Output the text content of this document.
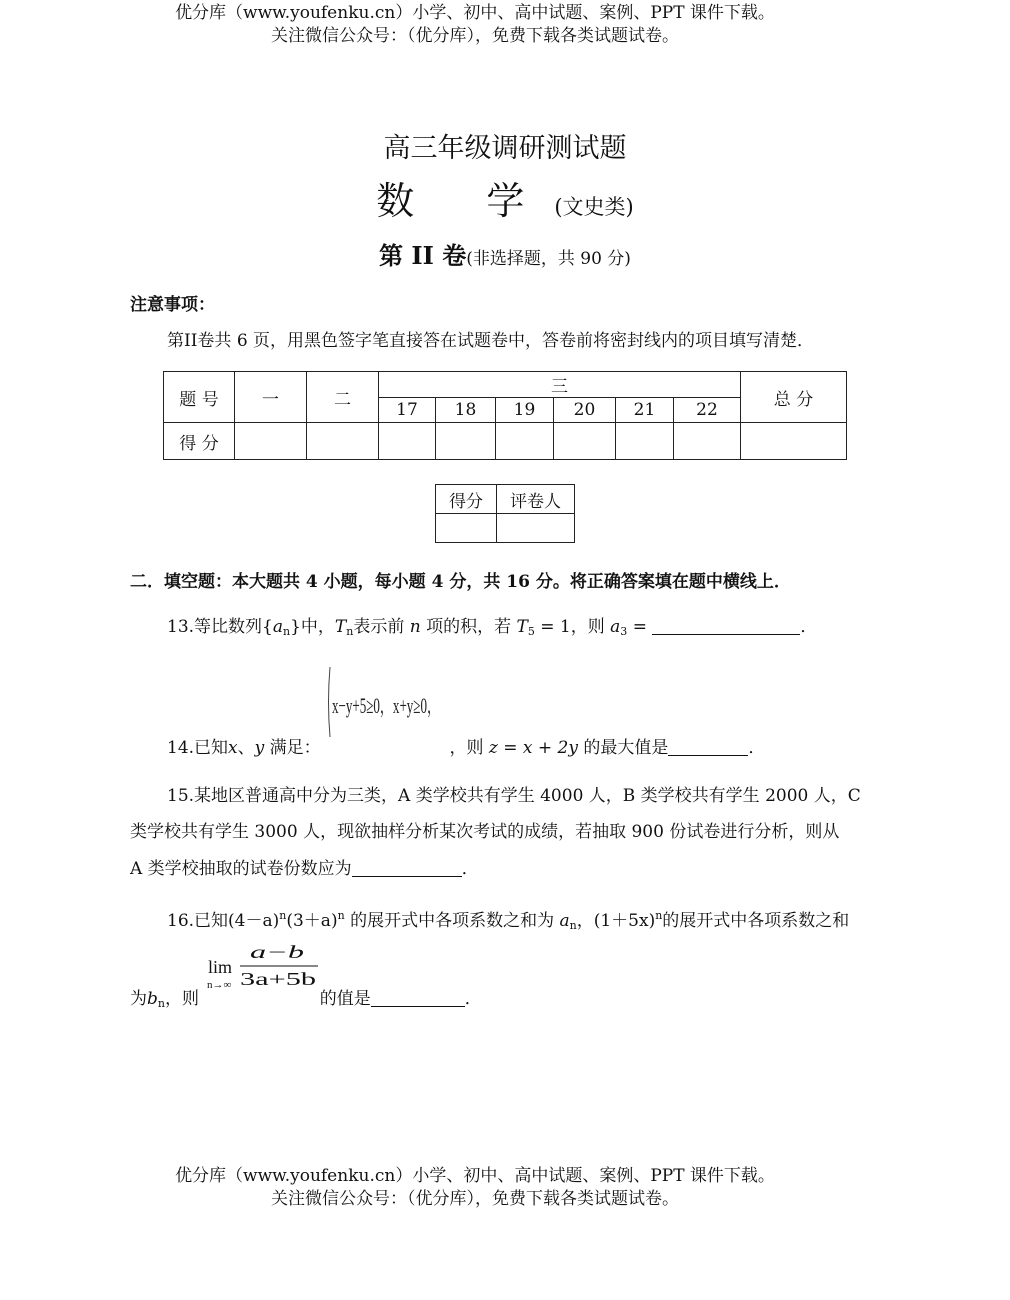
优分库（www.youfenku.cn）小学、初中、高中试题、案例、PPT 课件下载。
关注微信公众号：（优分库），免费下载各类试题试卷。
高三年级调研测试题
数 学(文史类)
第 II 卷(非选择题，共 90 分)
注意事项：
第II卷共 6 页，用黑色签字笔直接答在试题卷中，答卷前将密封线内的项目填写清楚．
题 号	一	二	三						总 分
			17	18	19	20	21	22	
得 分									
得分	评卷人

二．填空题：本大题共 4 小题，每小题 4 分，共 16 分。将正确答案填在题中横线上．
13.等比数列$\{a_n\}$中，$T_n$表示前 n 项的积，若 $T_5 = 1$，则 $a_3$ =	．
x−y+5≥0，x+y≥0，
14.已知x、y 满足：	，则 z = x + 2y 的最大值是	．
15.某地区普通高中分为三类，A 类学校共有学生 4000 人，B 类学校共有学生 2000 人，C
类学校共有学生 3000 人，现欲抽样分析某次考试的成绩，若抽取 900 份试卷进行分析，则从
A 类学校抽取的试卷份数应为	．
16.已知$(4-a)^n(3+a)^n$ 的展开式中各项系数之和为 $a_n$，$(1+5x)^n$的展开式中各项系数之和
lim
n→∞
a−b
3a+5b
为$b_n$，则	的值是	．
优分库（www.youfenku.cn）小学、初中、高中试题、案例、PPT 课件下载。
关注微信公众号：（优分库），免费下载各类试题试卷。
